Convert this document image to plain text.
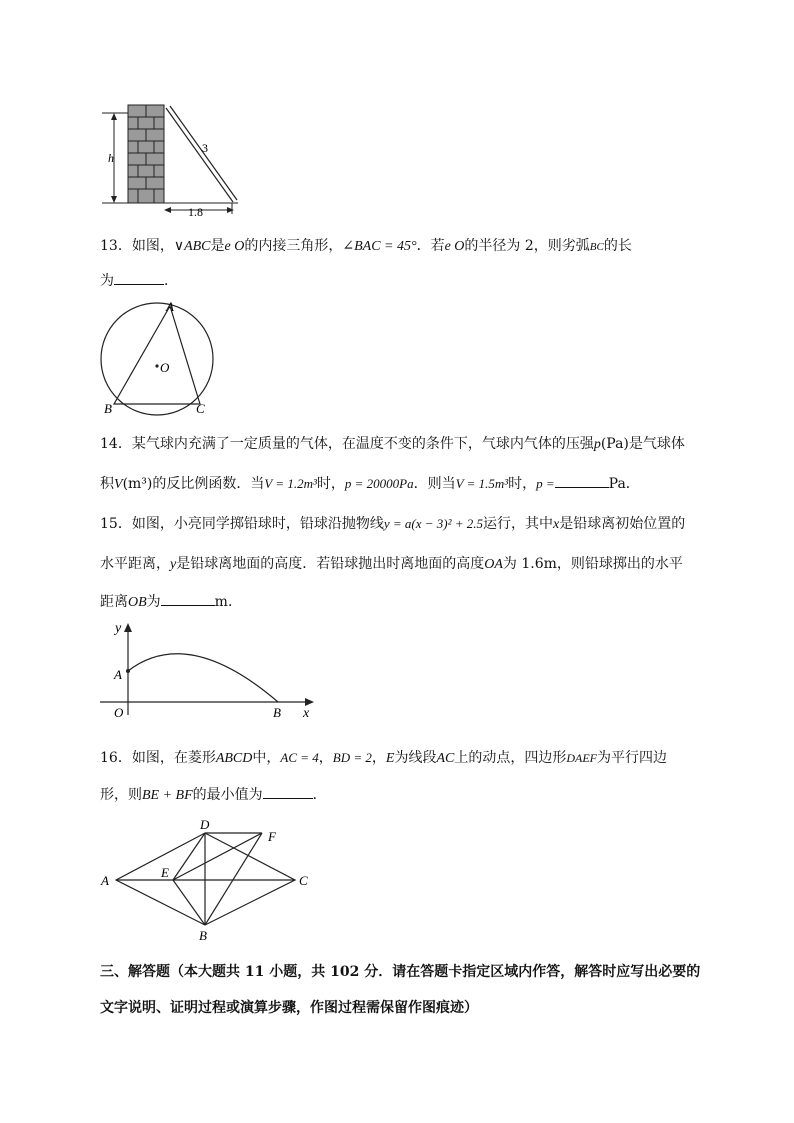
h
3
1.8
13．如图，∨ABC是e O的内接三角形，∠BAC = 45°．若e O的半径为 2，则劣弧BC的长
为	．
A
O
B	C
14．某气球内充满了一定质量的气体，在温度不变的条件下，气球内气体的压强p(Pa)是气球体
积V(m³)的反比例函数．当V = 1.2m³时，p = 20000Pa．则当V = 1.5m³时，p =	Pa．
15．如图，小亮同学掷铅球时，铅球沿抛物线y = a(x − 3)² + 2.5运行，其中x是铅球离初始位置的
水平距离，y是铅球离地面的高度．若铅球抛出时离地面的高度OA为 1.6m，则铅球掷出的水平
距离OB为	m．
y
x
A
O	B
16．如图，在菱形ABCD中，AC = 4，BD = 2，E为线段AC上的动点，四边形DAEF为平行四边
形，则BE + BF的最小值为	．
D
F
A
E
C
B
三、解答题（本大题共 11 小题，共 102 分．请在答题卡指定区域内作答，解答时应写出必要的
文字说明、证明过程或演算步骤，作图过程需保留作图痕迹）
